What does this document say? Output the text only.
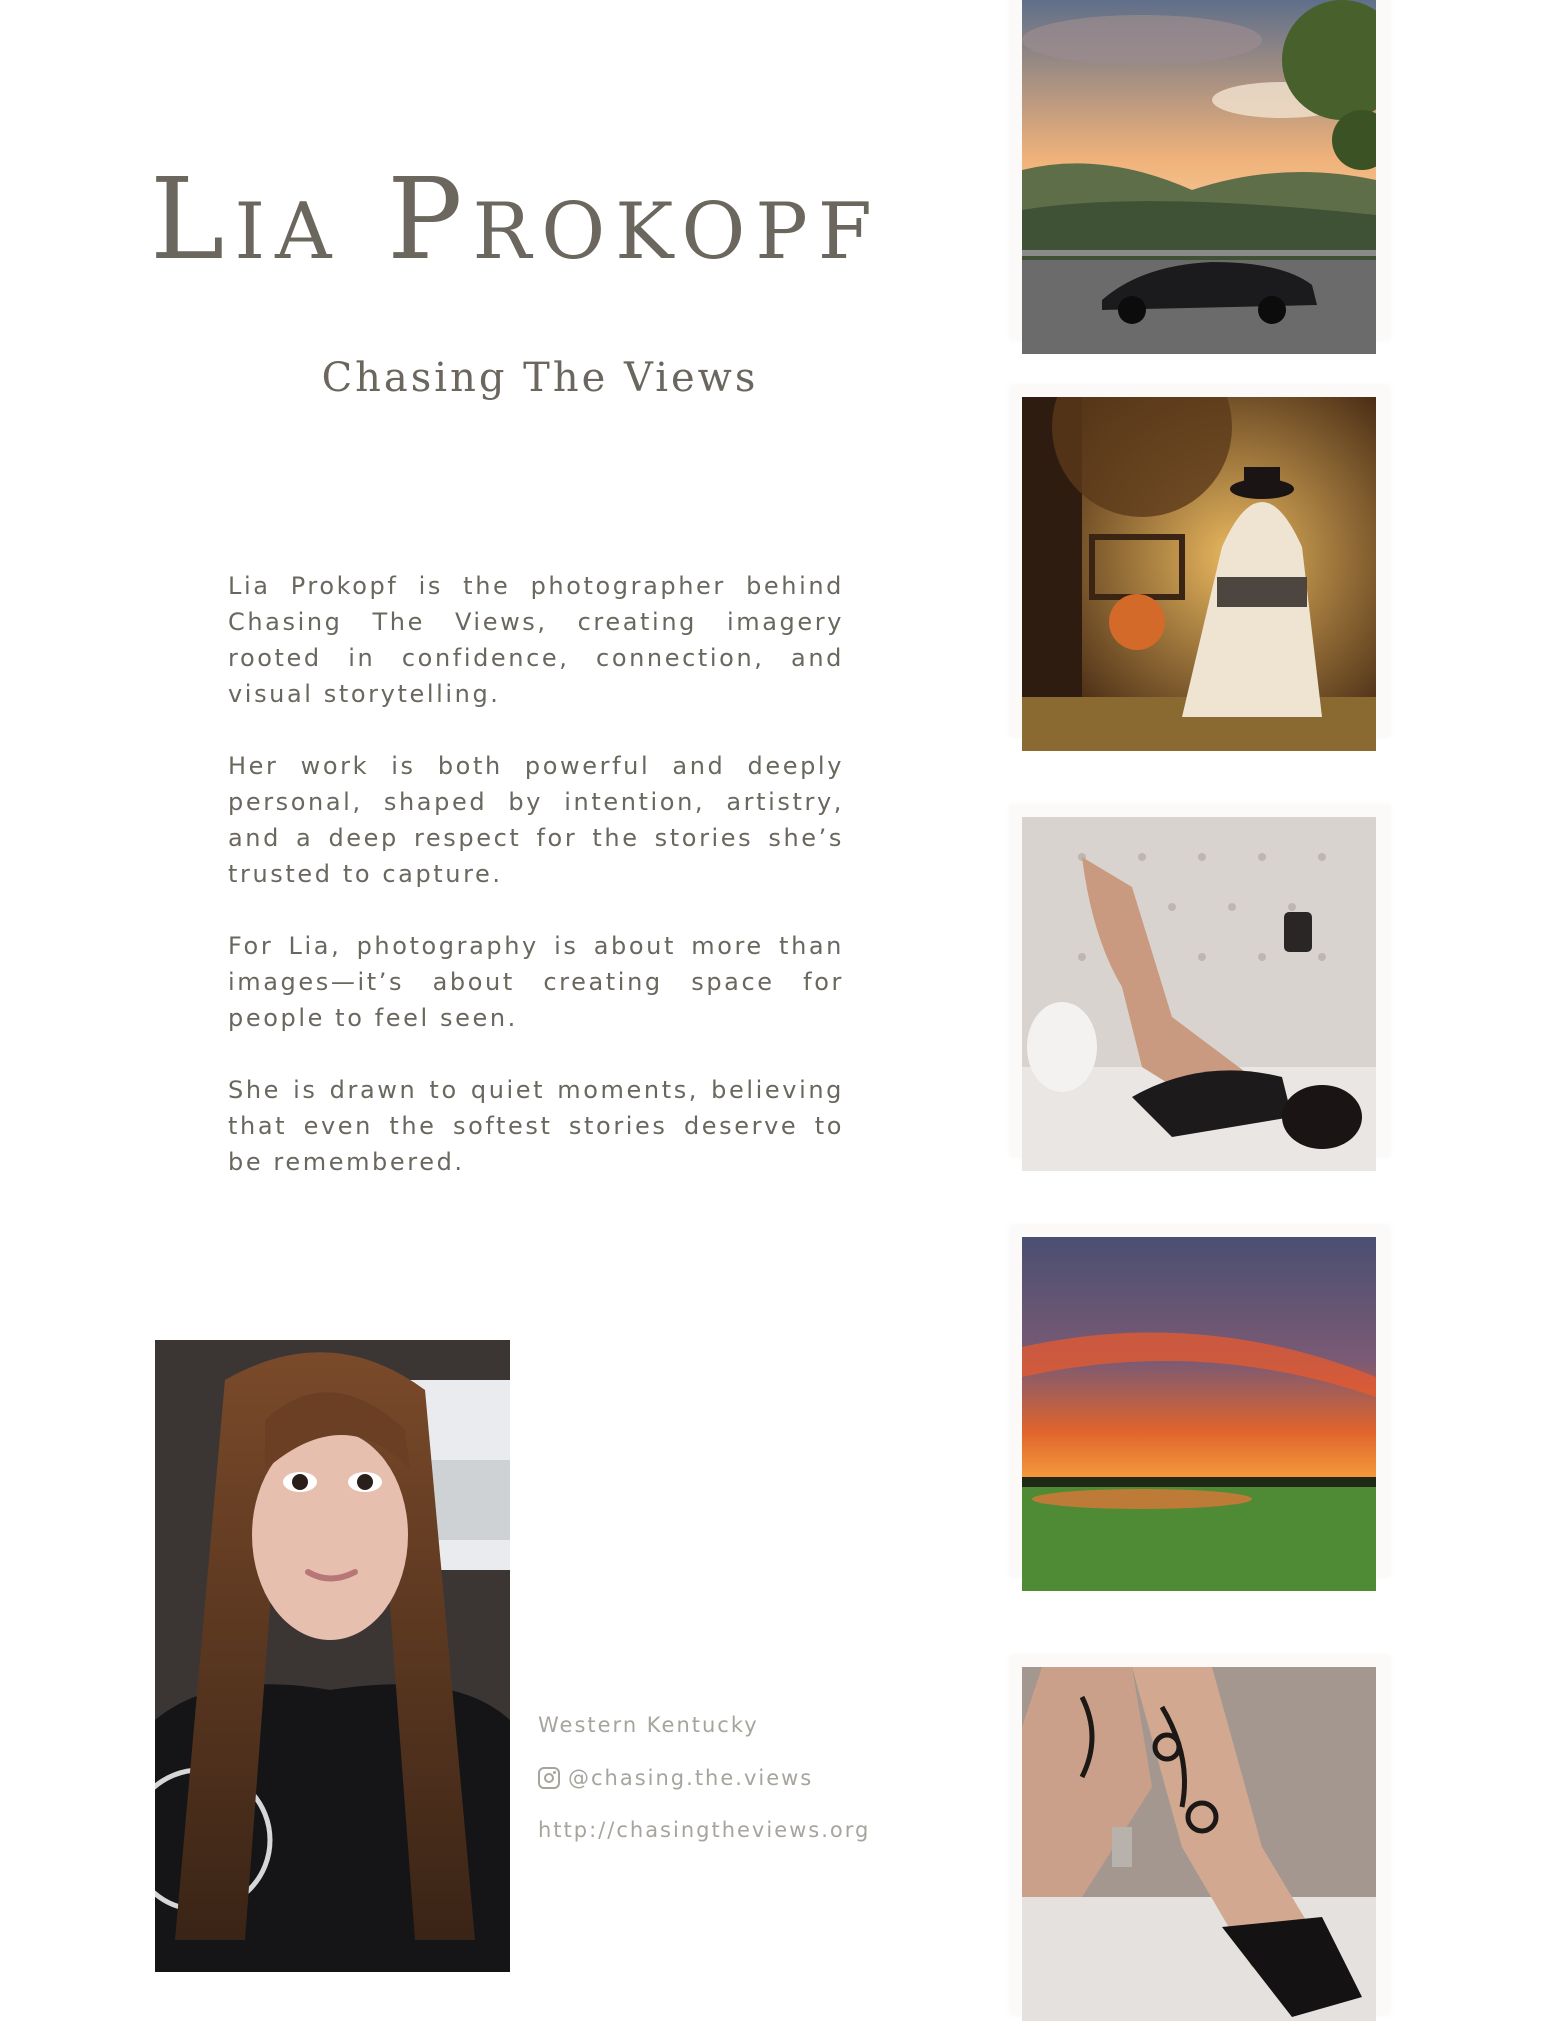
Lia Prokopf
Chasing The Views
Lia Prokopf is the photographer behind Chasing The Views, creating imagery rooted in confidence, connection, and visual storytelling.
Her work is both powerful and deeply personal, shaped by intention, artistry, and a deep respect for the stories she’s trusted to capture.
For Lia, photography is about more than images—it’s about creating space for people to feel seen.
She is drawn to quiet moments, believing that even the softest stories deserve to be remembered.
Western Kentucky
@chasing.the.views
http://chasingtheviews.org
